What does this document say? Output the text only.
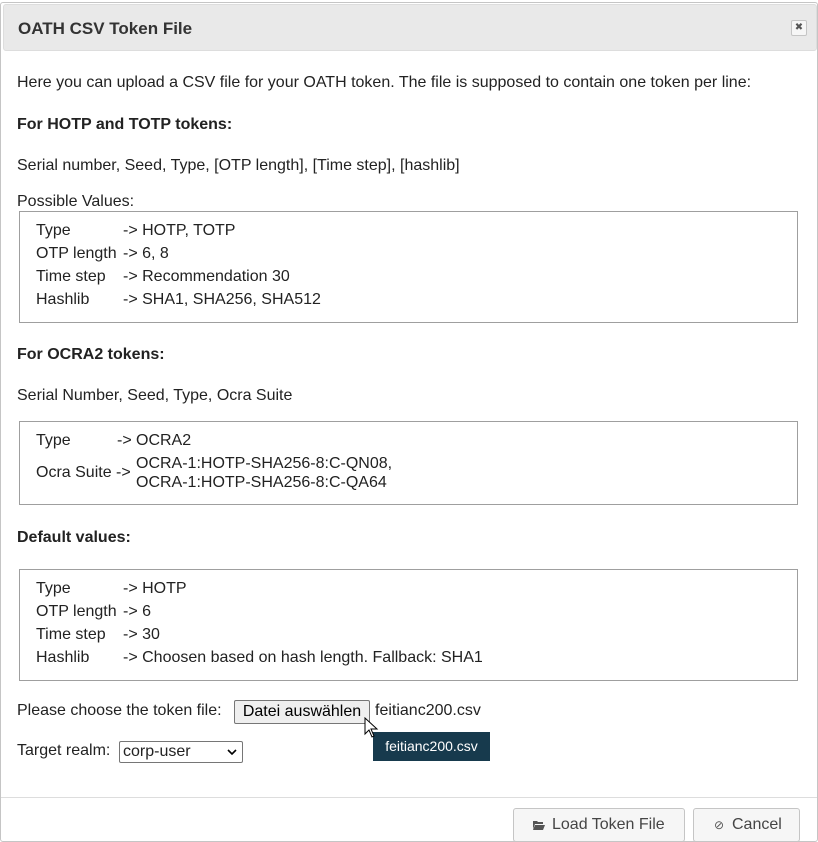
OATH CSV Token File	✖
Here you can upload a CSV file for your OATH token. The file is supposed to contain one token per line:
For HOTP and TOTP tokens:
Serial number, Seed, Type, [OTP length], [Time step], [hashlib]
Possible Values:
Type	-> HOTP, TOTP
OTP length -> 6, 8
Time step -> Recommendation 30
Hashlib -> SHA1, SHA256, SHA512
For OCRA2 tokens:
Serial Number, Seed, Type, Ocra Suite
Type	-> OCRA2
Ocra Suite ->
OCRA-1:HOTP-SHA256-8:C-QN08,
OCRA-1:HOTP-SHA256-8:C-QA64
Default values:
Type	-> HOTP
OTP length -> 6
Time step -> 30
Hashlib -> Choosen based on hash length. Fallback: SHA1
Please choose the token file:	Datei auswählen feitianc200.csv
Target realm: corp-user	feitianc200.csv
Load Token File	⊘ Cancel
